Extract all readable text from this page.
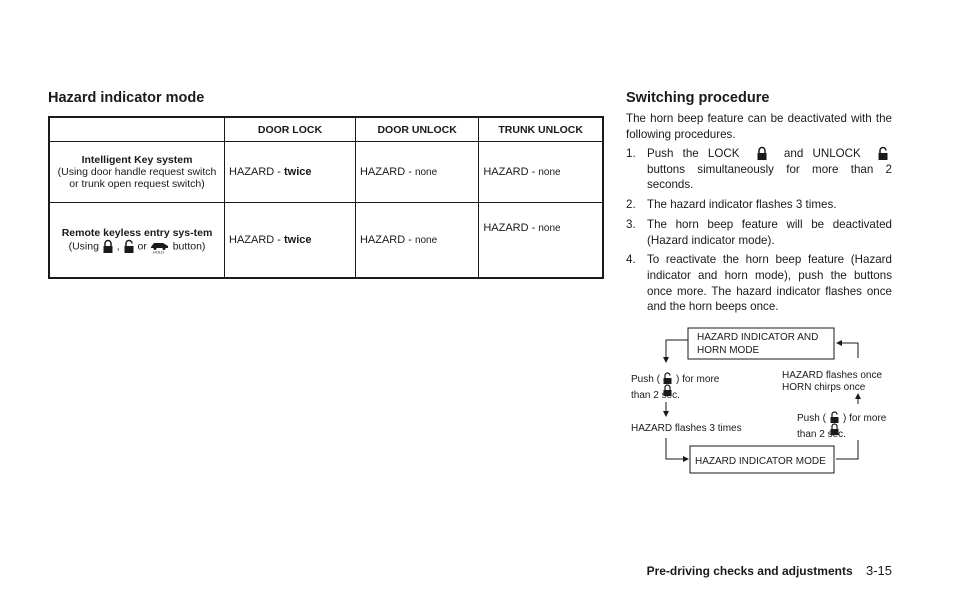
Hazard indicator mode
	DOOR LOCK	DOOR UNLOCK	TRUNK UNLOCK

Intelligent Key system
(Using door handle request switch or trunk open request switch)	HAZARD - twice	HAZARD - none	HAZARD - none

Remote keyless entry sys-tem
(Using , or HOLD button)	HAZARD - twice	HAZARD - none	HAZARD - none
Switching procedure
The horn beep feature can be deactivated with the following procedures.
1. Push the LOCK	and UNLOCK  buttons simultaneously for more than 2 seconds.
2. The hazard indicator flashes 3 times.
3. The horn beep feature will be deactivated (Hazard indicator mode).
4. To reactivate the horn beep feature (Hazard indicator and horn mode), push the buttons once more. The hazard indicator flashes once and the horn beeps once.
HAZARD INDICATOR AND
HORN MODE
HAZARD INDICATOR MODE
Push ( ) for more
than 2 sec.
HAZARD flashes 3 times
HAZARD flashes once
HORN chirps once
Push ( ) for more
than 2 sec.
Pre-driving checks and adjustments 3-15
